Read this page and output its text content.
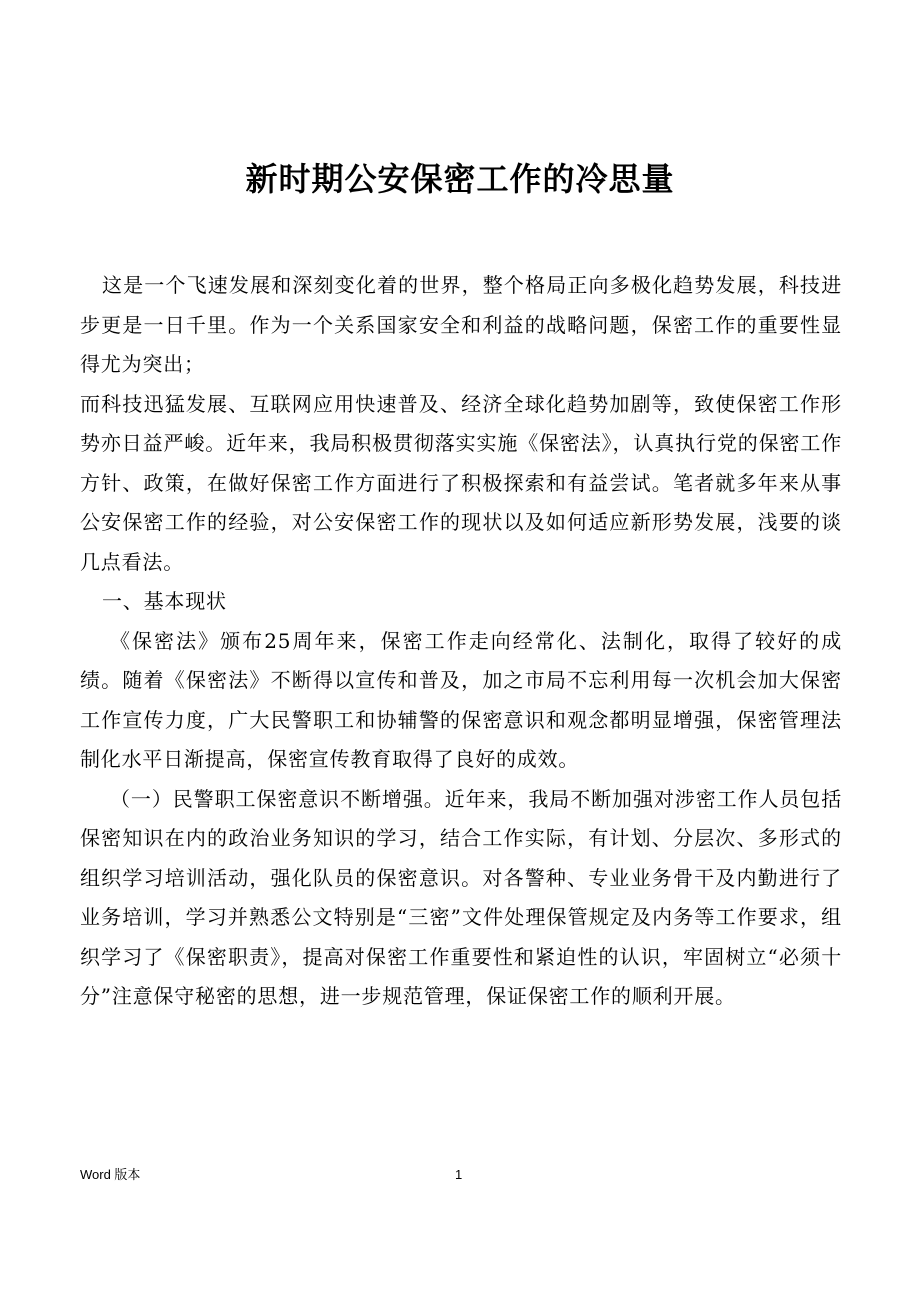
新时期公安保密工作的冷思量

这是一个飞速发展和深刻变化着的世界，整个格局正向多极化趋势发展，科技进步更是一日千里。作为一个关系国家安全和利益的战略问题，保密工作的重要性显得尤为突出；

而科技迅猛发展、互联网应用快速普及、经济全球化趋势加剧等，致使保密工作形势亦日益严峻。近年来，我局积极贯彻落实实施《保密法》，认真执行党的保密工作方针、政策，在做好保密工作方面进行了积极探索和有益尝试。笔者就多年来从事公安保密工作的经验，对公安保密工作的现状以及如何适应新形势发展，浅要的谈几点看法。

一、基本现状

《保密法》颁布25周年来，保密工作走向经常化、法制化，取得了较好的成绩。随着《保密法》不断得以宣传和普及，加之市局不忘利用每一次机会加大保密工作宣传力度，广大民警职工和协辅警的保密意识和观念都明显增强，保密管理法制化水平日渐提高，保密宣传教育取得了良好的成效。

（一）民警职工保密意识不断增强。近年来，我局不断加强对涉密工作人员包括保密知识在内的政治业务知识的学习，结合工作实际，有计划、分层次、多形式的组织学习培训活动，强化队员的保密意识。对各警种、专业业务骨干及内勤进行了业务培训，学习并熟悉公文特别是“三密”文件处理保管规定及内务等工作要求，组织学习了《保密职责》，提高对保密工作重要性和紧迫性的认识，牢固树立“必须十分”注意保守秘密的思想，进一步规范管理，保证保密工作的顺利开展。

Word 版本	1
